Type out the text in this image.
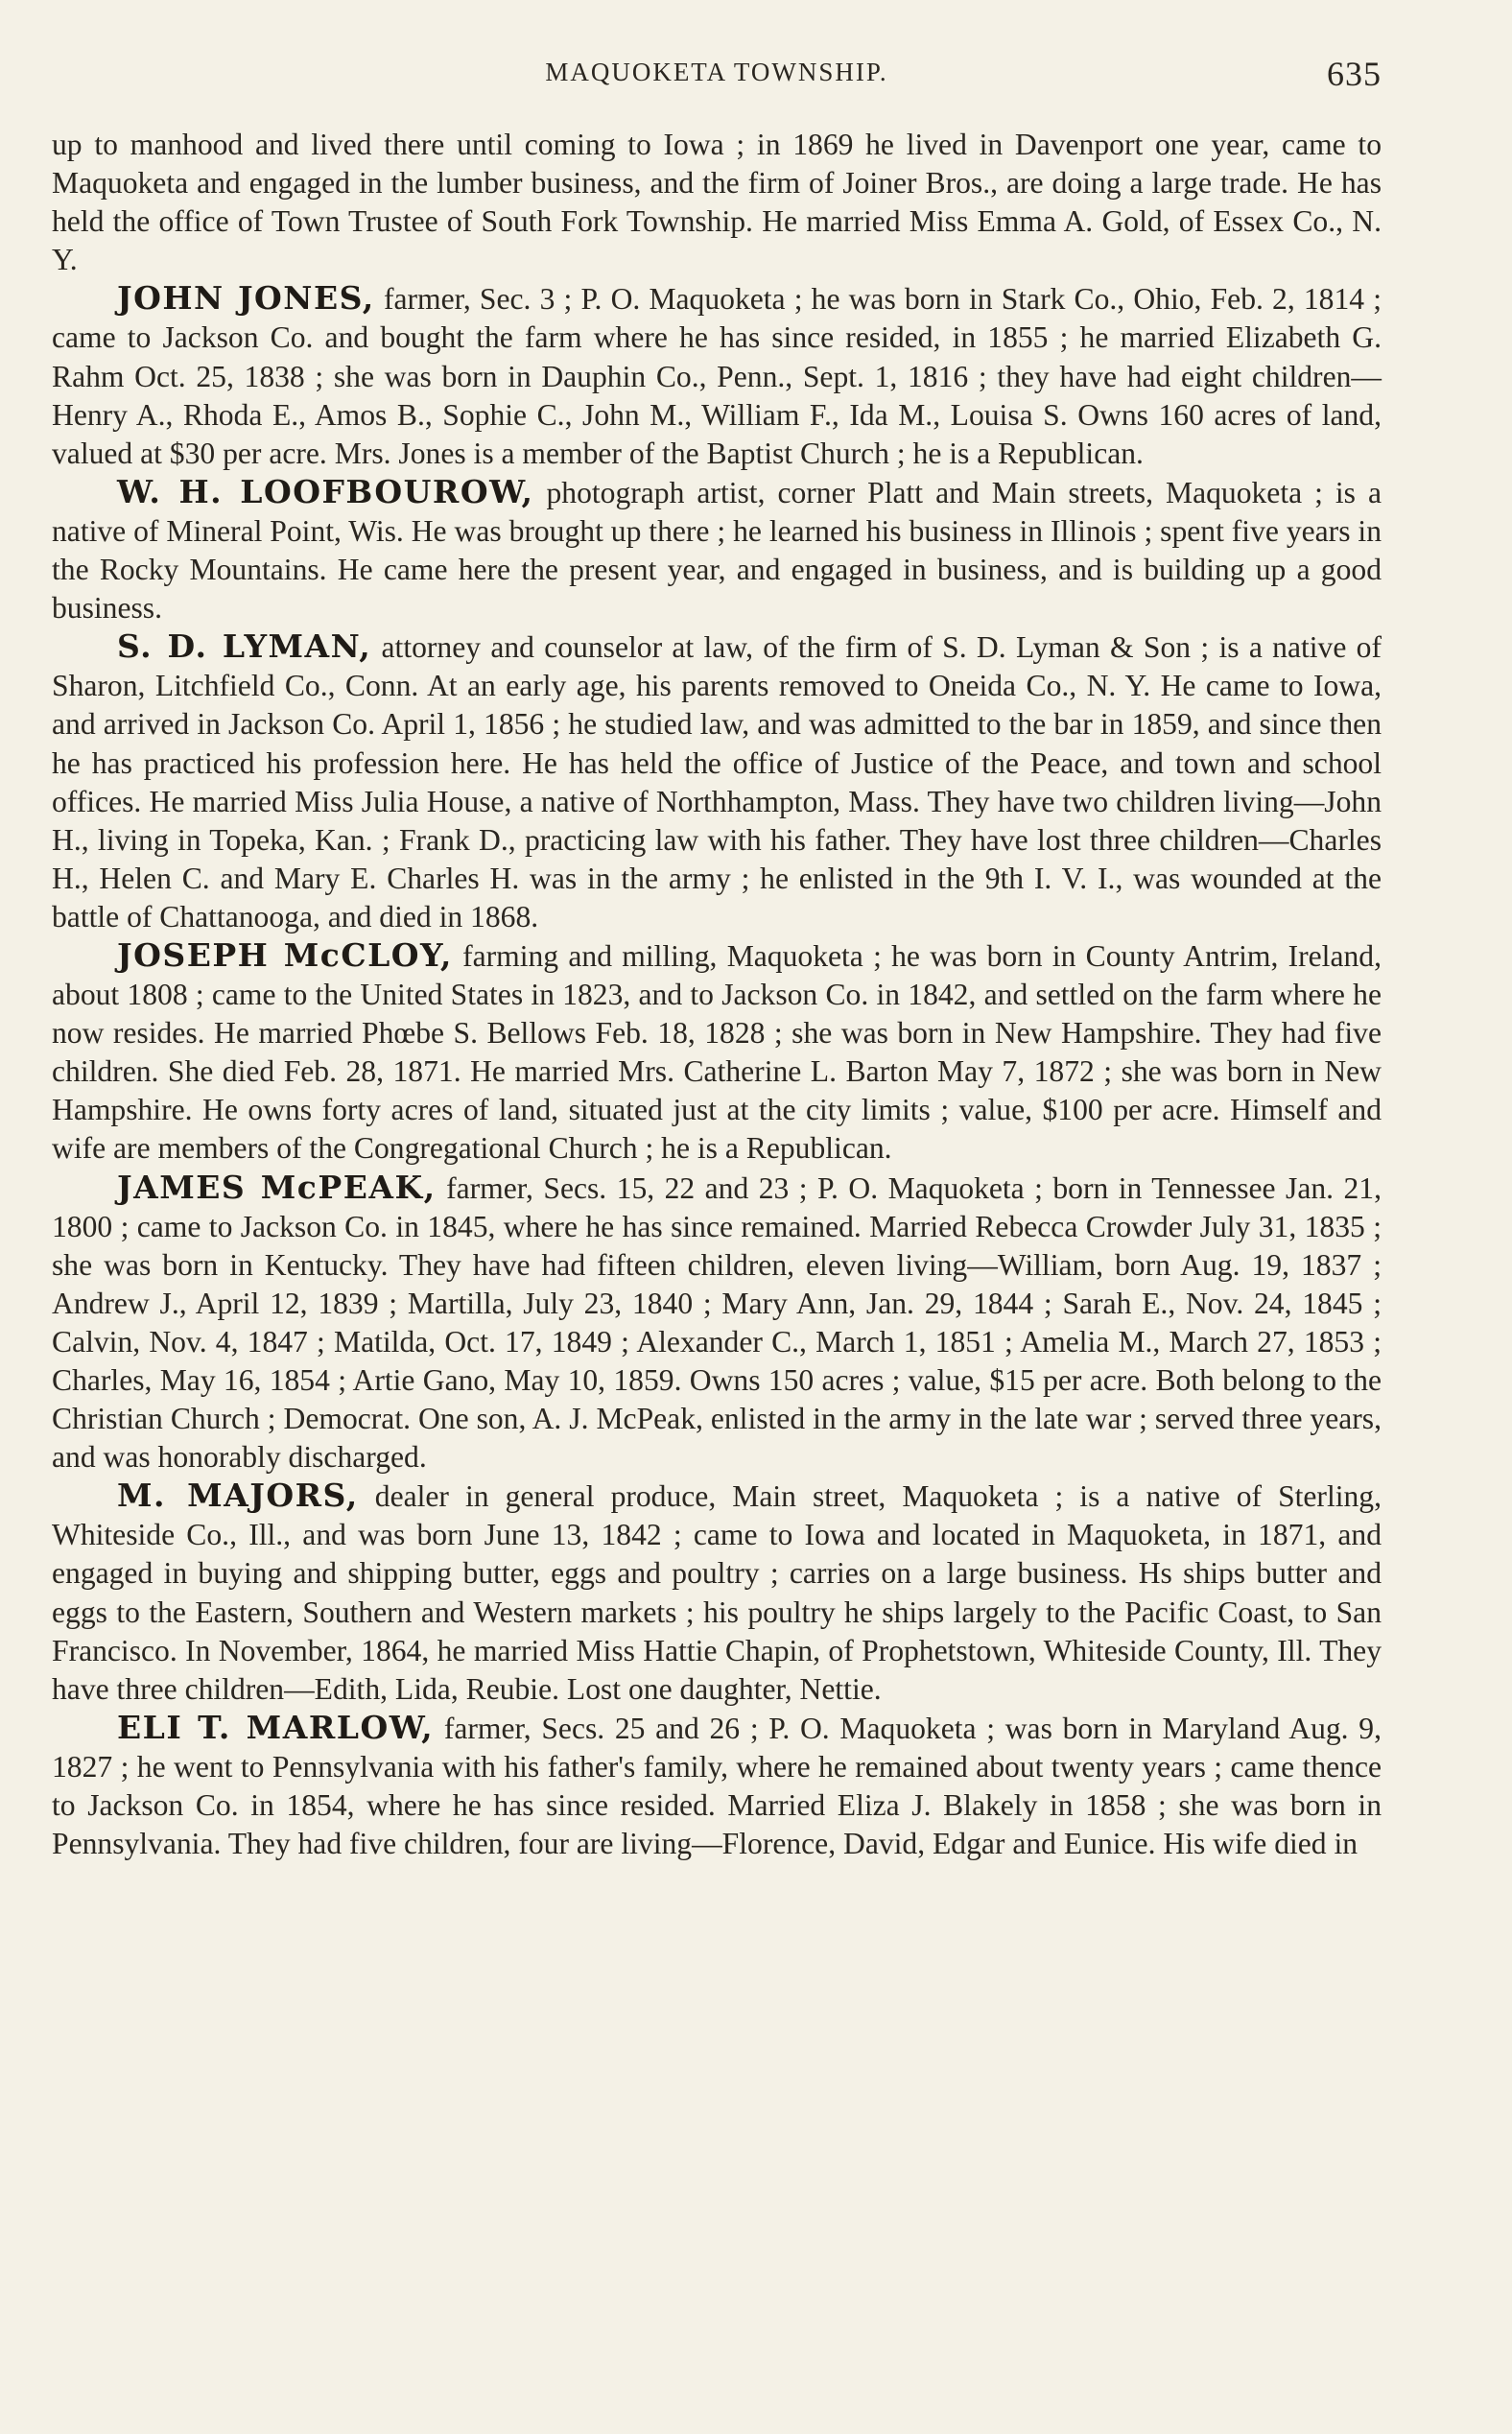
MAQUOKETA TOWNSHIP.	635

up to manhood and lived there until coming to Iowa ; in 1869 he lived in Davenport one year, came to Maquoketa and engaged in the lumber business, and the firm of Joiner Bros., are doing a large trade. He has held the office of Town Trustee of South Fork Township. He married Miss Emma A. Gold, of Essex Co., N. Y.

JOHN JONES, farmer, Sec. 3 ; P. O. Maquoketa ; he was born in Stark Co., Ohio, Feb. 2, 1814 ; came to Jackson Co. and bought the farm where he has since resided, in 1855 ; he married Elizabeth G. Rahm Oct. 25, 1838 ; she was born in Dauphin Co., Penn., Sept. 1, 1816 ; they have had eight children—Henry A., Rhoda E., Amos B., Sophie C., John M., William F., Ida M., Louisa S. Owns 160 acres of land, valued at $30 per acre. Mrs. Jones is a member of the Baptist Church ; he is a Republican.

W. H. LOOFBOUROW, photograph artist, corner Platt and Main streets, Maquoketa ; is a native of Mineral Point, Wis. He was brought up there ; he learned his business in Illinois ; spent five years in the Rocky Mountains. He came here the present year, and engaged in business, and is building up a good business.

S. D. LYMAN, attorney and counselor at law, of the firm of S. D. Lyman & Son ; is a native of Sharon, Litchfield Co., Conn. At an early age, his parents removed to Oneida Co., N. Y. He came to Iowa, and arrived in Jackson Co. April 1, 1856 ; he studied law, and was admitted to the bar in 1859, and since then he has practiced his profession here. He has held the office of Justice of the Peace, and town and school offices. He married Miss Julia House, a native of Northhampton, Mass. They have two children living—John H., living in Topeka, Kan. ; Frank D., practicing law with his father. They have lost three children—Charles H., Helen C. and Mary E. Charles H. was in the army ; he enlisted in the 9th I. V. I., was wounded at the battle of Chattanooga, and died in 1868.

JOSEPH McCLOY, farming and milling, Maquoketa ; he was born in County Antrim, Ireland, about 1808 ; came to the United States in 1823, and to Jackson Co. in 1842, and settled on the farm where he now resides. He married Phœbe S. Bellows Feb. 18, 1828 ; she was born in New Hampshire. They had five children. She died Feb. 28, 1871. He married Mrs. Catherine L. Barton May 7, 1872 ; she was born in New Hampshire. He owns forty acres of land, situated just at the city limits ; value, $100 per acre. Himself and wife are members of the Congregational Church ; he is a Republican.

JAMES McPEAK, farmer, Secs. 15, 22 and 23 ; P. O. Maquoketa ; born in Tennessee Jan. 21, 1800 ; came to Jackson Co. in 1845, where he has since remained. Married Rebecca Crowder July 31, 1835 ; she was born in Kentucky. They have had fifteen children, eleven living—William, born Aug. 19, 1837 ; Andrew J., April 12, 1839 ; Martilla, July 23, 1840 ; Mary Ann, Jan. 29, 1844 ; Sarah E., Nov. 24, 1845 ; Calvin, Nov. 4, 1847 ; Matilda, Oct. 17, 1849 ; Alexander C., March 1, 1851 ; Amelia M., March 27, 1853 ; Charles, May 16, 1854 ; Artie Gano, May 10, 1859. Owns 150 acres ; value, $15 per acre. Both belong to the Christian Church ; Democrat. One son, A. J. McPeak, enlisted in the army in the late war ; served three years, and was honorably discharged.

M. MAJORS, dealer in general produce, Main street, Maquoketa ; is a native of Sterling, Whiteside Co., Ill., and was born June 13, 1842 ; came to Iowa and located in Maquoketa, in 1871, and engaged in buying and shipping butter, eggs and poultry ; carries on a large business. Hs ships butter and eggs to the Eastern, Southern and Western markets ; his poultry he ships largely to the Pacific Coast, to San Francisco. In November, 1864, he married Miss Hattie Chapin, of Prophetstown, Whiteside County, Ill. They have three children—Edith, Lida, Reubie. Lost one daughter, Nettie.

ELI T. MARLOW, farmer, Secs. 25 and 26 ; P. O. Maquoketa ; was born in Maryland Aug. 9, 1827 ; he went to Pennsylvania with his father's family, where he remained about twenty years ; came thence to Jackson Co. in 1854, where he has since resided. Married Eliza J. Blakely in 1858 ; she was born in Pennsylvania. They had five children, four are living—Florence, David, Edgar and Eunice. His wife died in
